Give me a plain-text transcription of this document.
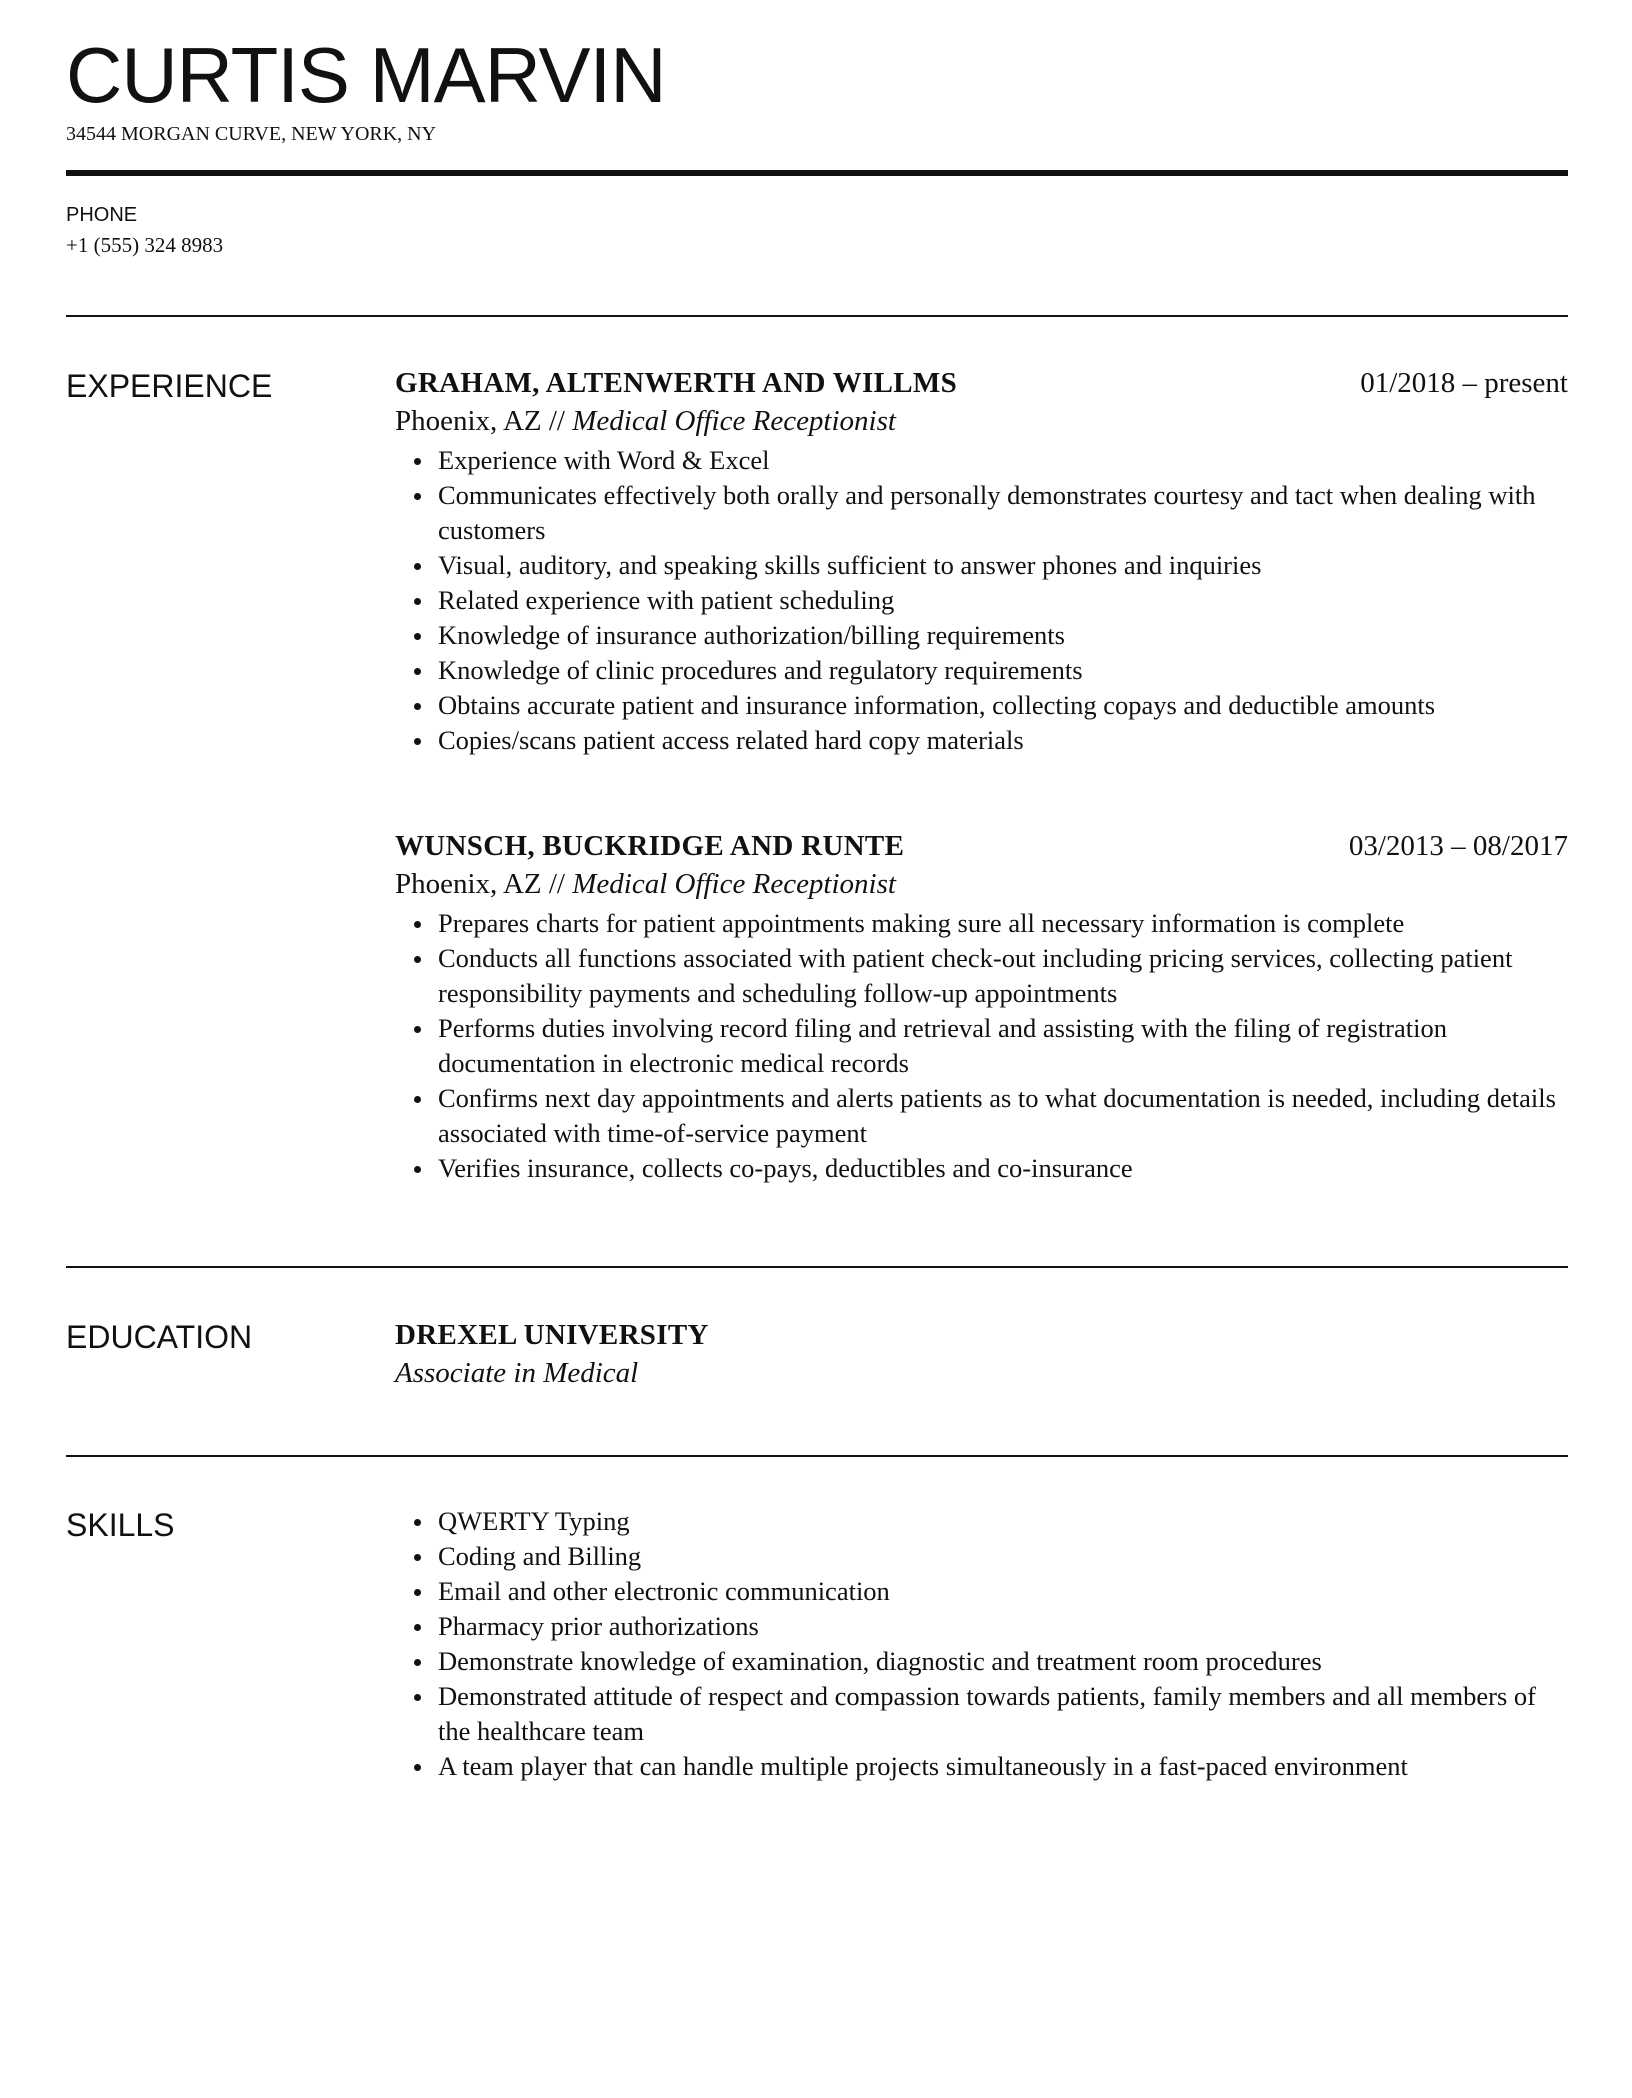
CURTIS MARVIN
34544 MORGAN CURVE, NEW YORK, NY
PHONE
+1 (555) 324 8983
EXPERIENCE	GRAHAM, ALTENWERTH AND WILLMS	01/2018 – present
Phoenix, AZ // Medical Office Receptionist
Experience with Word & Excel
Communicates effectively both orally and personally demonstrates courtesy and tact when dealing with customers
Visual, auditory, and speaking skills sufficient to answer phones and inquiries
Related experience with patient scheduling
Knowledge of insurance authorization/billing requirements
Knowledge of clinic procedures and regulatory requirements
Obtains accurate patient and insurance information, collecting copays and deductible amounts
Copies/scans patient access related hard copy materials
WUNSCH, BUCKRIDGE AND RUNTE	03/2013 – 08/2017
Phoenix, AZ // Medical Office Receptionist
Prepares charts for patient appointments making sure all necessary information is complete
Conducts all functions associated with patient check-out including pricing services, collecting patient responsibility payments and scheduling follow-up appointments
Performs duties involving record filing and retrieval and assisting with the filing of registration documentation in electronic medical records
Confirms next day appointments and alerts patients as to what documentation is needed, including details associated with time-of-service payment
Verifies insurance, collects co-pays, deductibles and co-insurance
EDUCATION	DREXEL UNIVERSITY
Associate in Medical
SKILLS	QWERTY Typing
Coding and Billing
Email and other electronic communication
Pharmacy prior authorizations
Demonstrate knowledge of examination, diagnostic and treatment room procedures
Demonstrated attitude of respect and compassion towards patients, family members and all members of the healthcare team
A team player that can handle multiple projects simultaneously in a fast-paced environment
